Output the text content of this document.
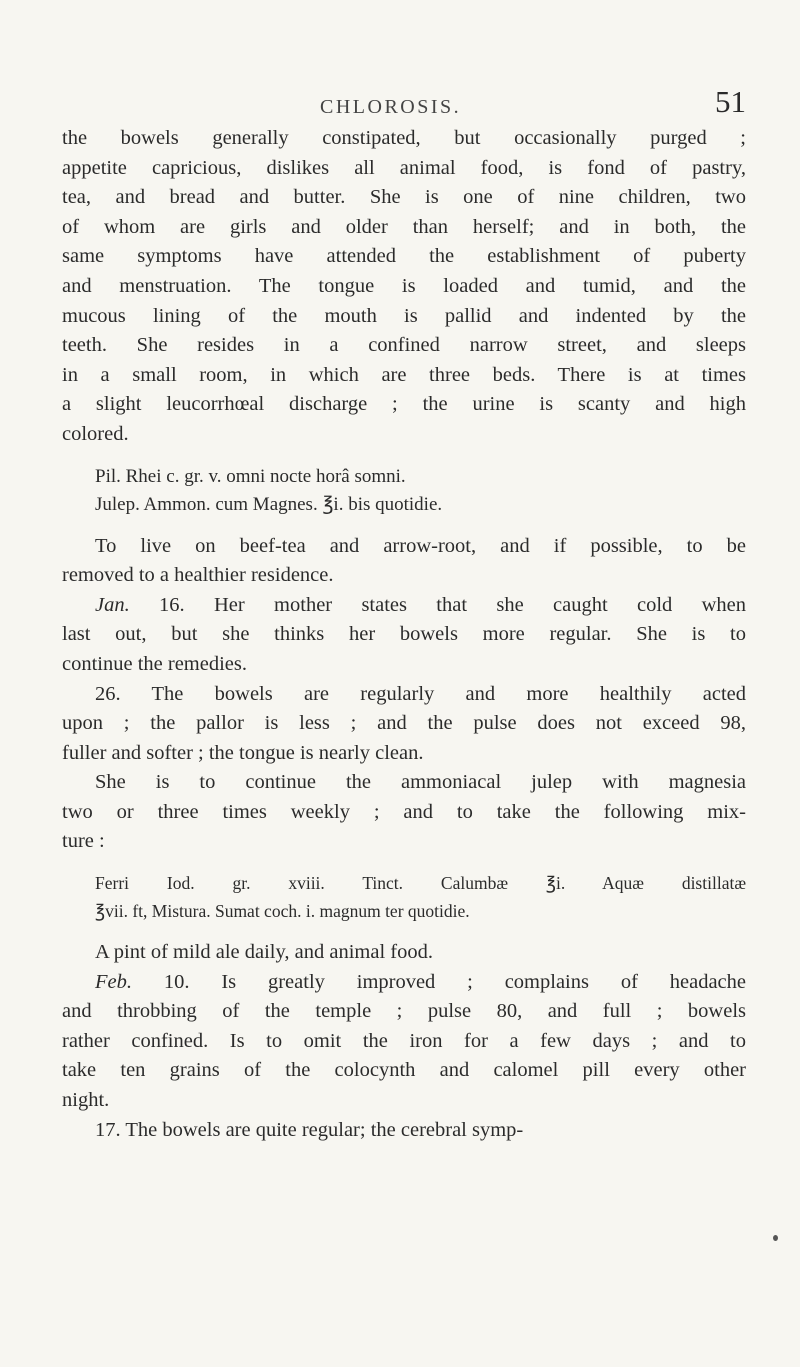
CHLOROSIS.	51
the bowels generally constipated, but occasionally purged ;
appetite capricious, dislikes all animal food, is fond of pastry,
tea, and bread and butter. She is one of nine children, two
of whom are girls and older than herself; and in both, the
same symptoms have attended the establishment of puberty
and menstruation. The tongue is loaded and tumid, and the
mucous lining of the mouth is pallid and indented by the
teeth. She resides in a confined narrow street, and sleeps
in a small room, in which are three beds. There is at times
a slight leucorrhœal discharge ; the urine is scanty and high
colored.
Pil. Rhei c. gr. v. omni nocte horâ somni.
Julep. Ammon. cum Magnes. ℥i. bis quotidie.
To live on beef-tea and arrow-root, and if possible, to be
removed to a healthier residence.
Jan. 16. Her mother states that she caught cold when
last out, but she thinks her bowels more regular. She is to
continue the remedies.
26. The bowels are regularly and more healthily acted
upon ; the pallor is less ; and the pulse does not exceed 98,
fuller and softer ; the tongue is nearly clean.
She is to continue the ammoniacal julep with magnesia
two or three times weekly ; and to take the following mix-
ture :
Ferri Iod. gr. xviii. Tinct. Calumbæ ℥i. Aquæ distillatæ
℥vii. ft, Mistura. Sumat coch. i. magnum ter quotidie.
A pint of mild ale daily, and animal food.
Feb. 10. Is greatly improved ; complains of headache
and throbbing of the temple ; pulse 80, and full ; bowels
rather confined. Is to omit the iron for a few days ; and to
take ten grains of the colocynth and calomel pill every other
night.
17. The bowels are quite regular; the cerebral symp-
